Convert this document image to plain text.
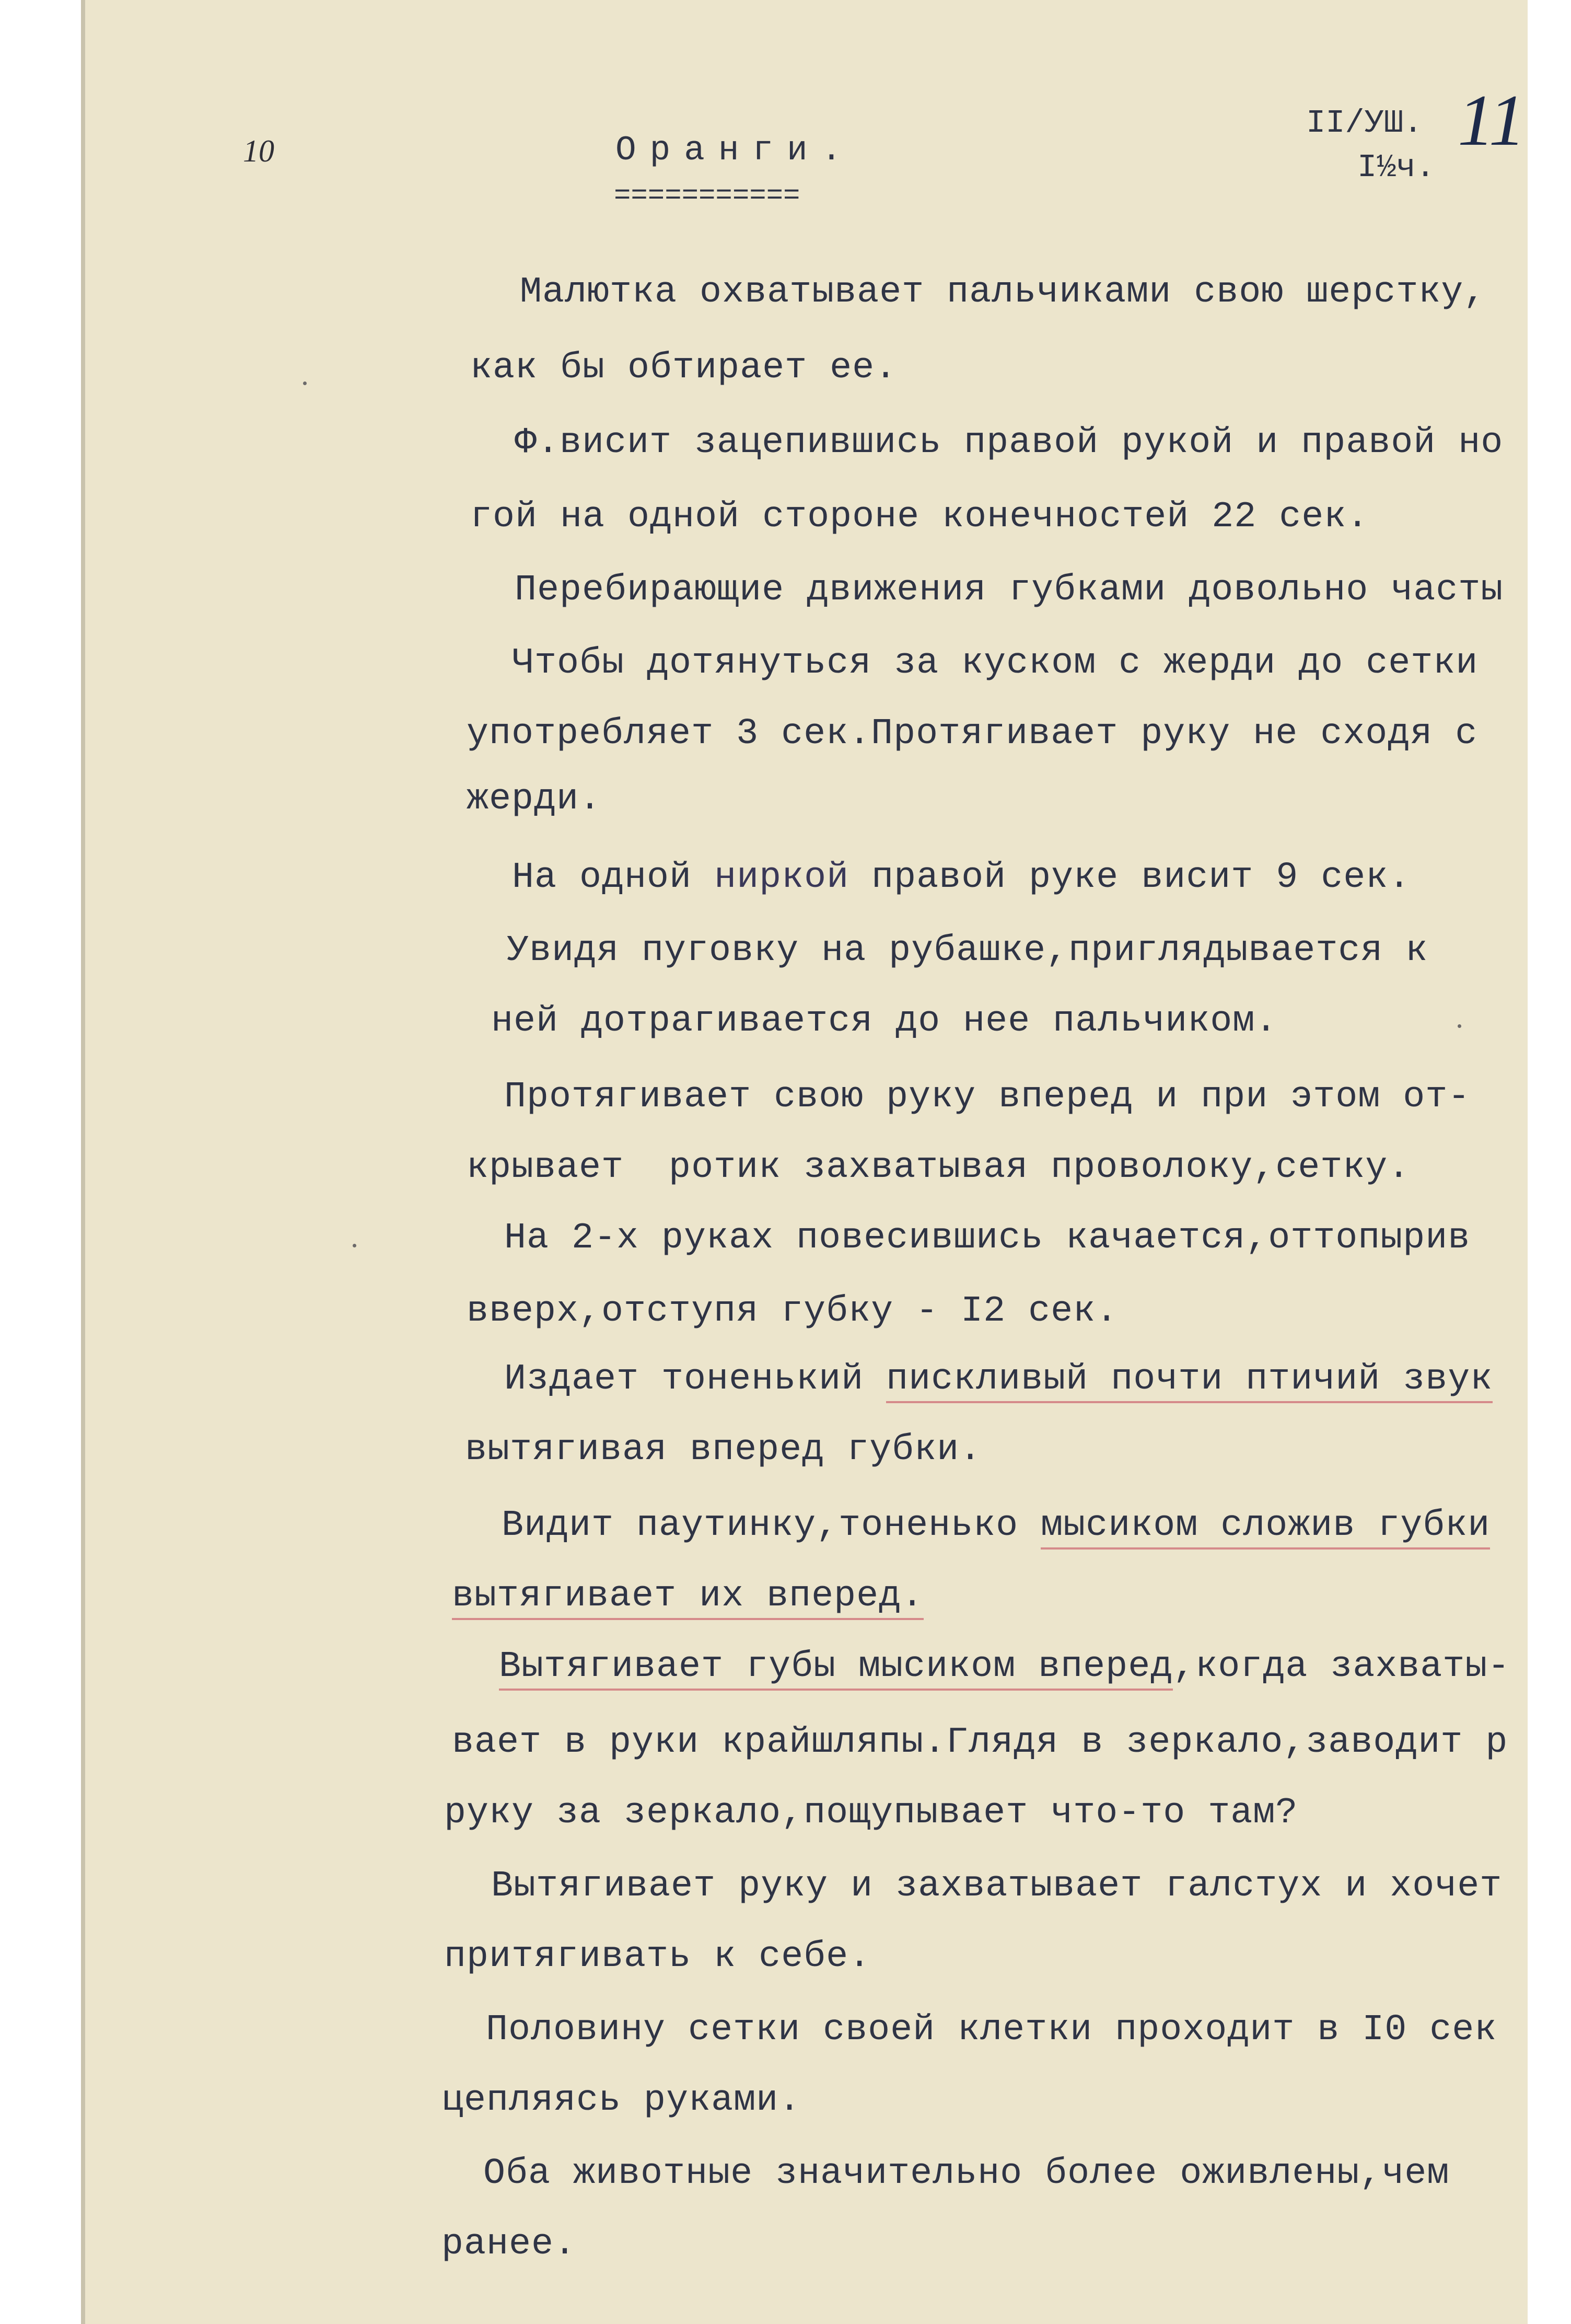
10	Оранги.
===========
II/УШ.
I½ч.
11
Малютка охватывает пальчиками свою шерстку,
как бы обтирает ее.
Ф.висит зацепившись правой рукой и правой но
гой на одной стороне конечностей 22 сек.
Перебирающие движения губками довольно часты
Чтобы дотянуться за куском с жерди до сетки
употребляет 3 сек.Протягивает руку не сходя с
жерди.
На одной ниркой правой руке висит 9 сек.
Увидя пуговку на рубашке,приглядывается к
ней дотрагивается до нее пальчиком.
Протягивает свою руку вперед и при этом от-
крывает  ротик захватывая проволоку,сетку.
На 2-х руках повесившись качается,оттопырив
вверх,отступя губку - I2 сек.
Издает тоненький пискливый почти птичий звук
вытягивая вперед губки.
Видит паутинку,тоненько мысиком сложив губки
вытягивает их вперед.
Вытягивает губы мысиком вперед,когда захваты-
вает в руки крайшляпы.Глядя в зеркало,заводит р
руку за зеркало,пощупывает что-то там?
Вытягивает руку и захватывает галстух и хочет
притягивать к себе.
Половину сетки своей клетки проходит в I0 сек
цепляясь руками.
Оба животные значительно более оживлены,чем
ранее.
